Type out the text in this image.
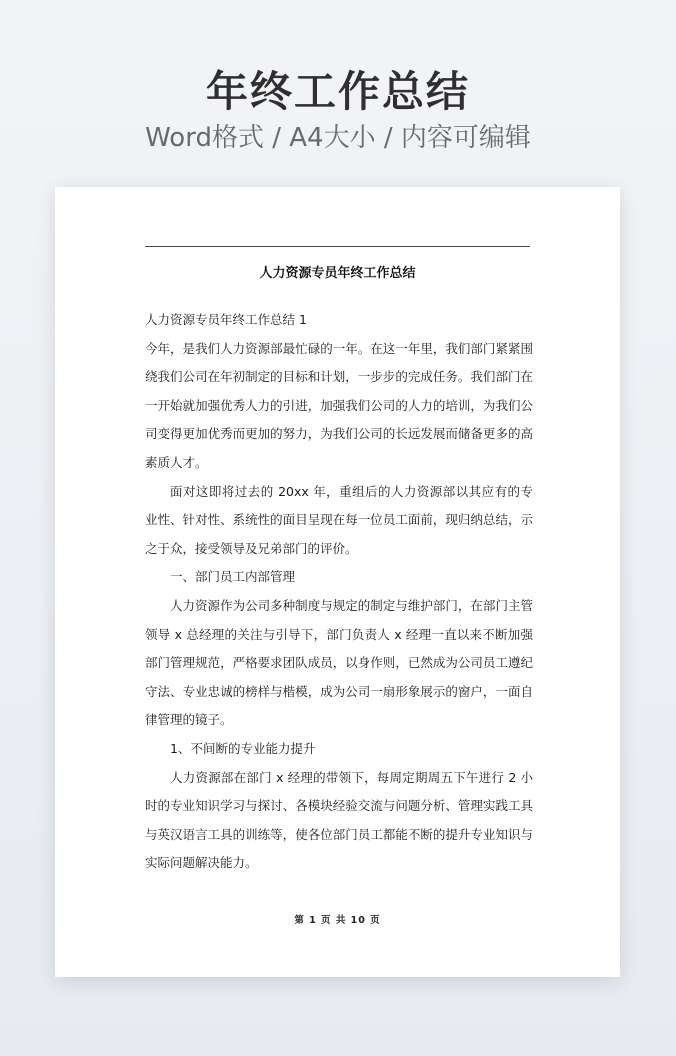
年终工作总结
Word格式 / A4大小 / 内容可编辑
人力资源专员年终工作总结

人力资源专员年终工作总结 1

今年，是我们人力资源部最忙碌的一年。在这一年里，我们部门紧紧围绕我们公司在年初制定的目标和计划，一步步的完成任务。我们部门在一开始就加强优秀人力的引进，加强我们公司的人力的培训，为我们公司变得更加优秀而更加的努力，为我们公司的长远发展而储备更多的高素质人才。

面对这即将过去的 20xx 年，重组后的人力资源部以其应有的专业性、针对性、系统性的面目呈现在每一位员工面前，现归纳总结，示之于众，接受领导及兄弟部门的评价。

一、部门员工内部管理

人力资源作为公司多种制度与规定的制定与维护部门，在部门主管领导 x 总经理的关注与引导下，部门负责人 x 经理一直以来不断加强部门管理规范，严格要求团队成员，以身作则，已然成为公司员工遵纪守法、专业忠诚的榜样与楷模，成为公司一扇形象展示的窗户，一面自律管理的镜子。

1、不间断的专业能力提升

人力资源部在部门 x 经理的带领下，每周定期周五下午进行 2 小时的专业知识学习与探讨、各模块经验交流与问题分析、管理实践工具与英汉语言工具的训练等，使各位部门员工都能不断的提升专业知识与实际问题解决能力。

第 1 页 共 10 页
